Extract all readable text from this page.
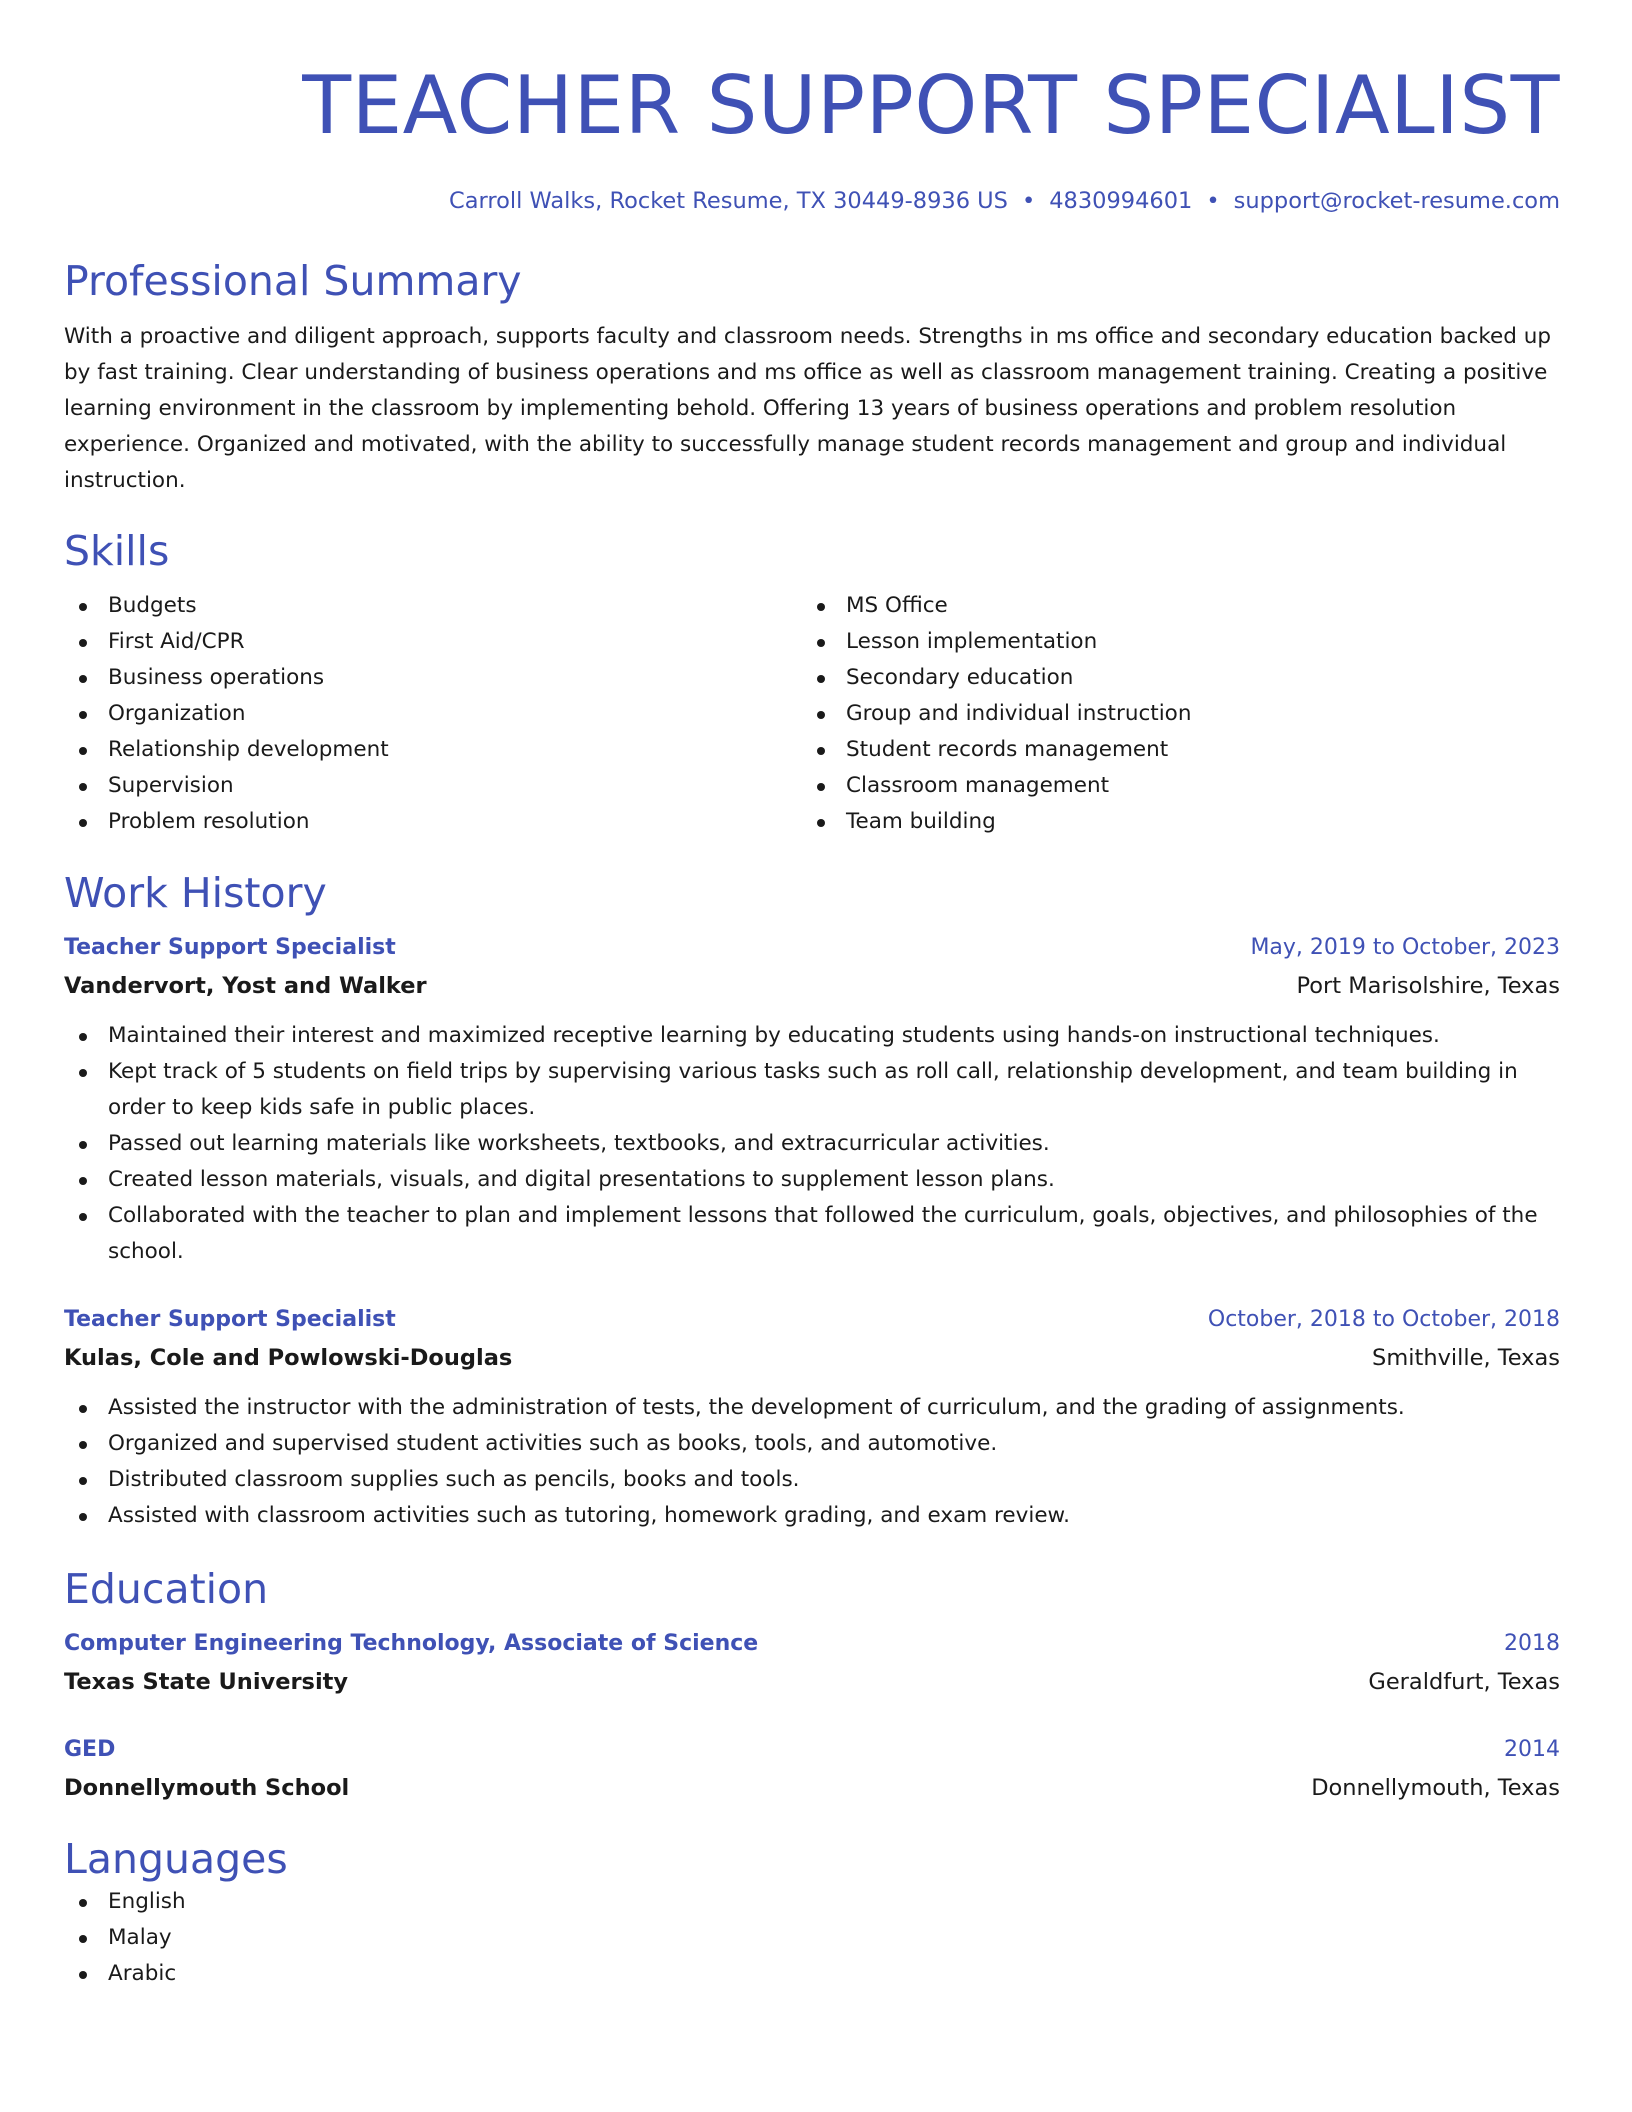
TEACHER SUPPORT SPECIALIST
Carroll Walks, Rocket Resume, TX 30449-8936 US • 4830994601 • support@rocket-resume.com
Professional Summary
With a proactive and diligent approach, supports faculty and classroom needs. Strengths in ms office and secondary education backed up by fast training. Clear understanding of business operations and ms office as well as classroom management training. Creating a positive learning environment in the classroom by implementing behold. Offering 13 years of business operations and problem resolution experience. Organized and motivated, with the ability to successfully manage student records management and group and individual instruction.
Skills
Budgets
First Aid/CPR
Business operations
Organization
Relationship development
Supervision
Problem resolution
MS Office
Lesson implementation
Secondary education
Group and individual instruction
Student records management
Classroom management
Team building
Work History
Teacher Support Specialist	May, 2019 to October, 2023
Vandervort, Yost and Walker	Port Marisolshire, Texas
Maintained their interest and maximized receptive learning by educating students using hands-on instructional techniques.
Kept track of 5 students on field trips by supervising various tasks such as roll call, relationship development, and team building in order to keep kids safe in public places.
Passed out learning materials like worksheets, textbooks, and extracurricular activities.
Created lesson materials, visuals, and digital presentations to supplement lesson plans.
Collaborated with the teacher to plan and implement lessons that followed the curriculum, goals, objectives, and philosophies of the school.
Teacher Support Specialist	October, 2018 to October, 2018
Kulas, Cole and Powlowski-Douglas	Smithville, Texas
Assisted the instructor with the administration of tests, the development of curriculum, and the grading of assignments.
Organized and supervised student activities such as books, tools, and automotive.
Distributed classroom supplies such as pencils, books and tools.
Assisted with classroom activities such as tutoring, homework grading, and exam review.
Education
Computer Engineering Technology, Associate of Science	2018
Texas State University	Geraldfurt, Texas
GED	2014
Donnellymouth School	Donnellymouth, Texas
Languages
English
Malay
Arabic
